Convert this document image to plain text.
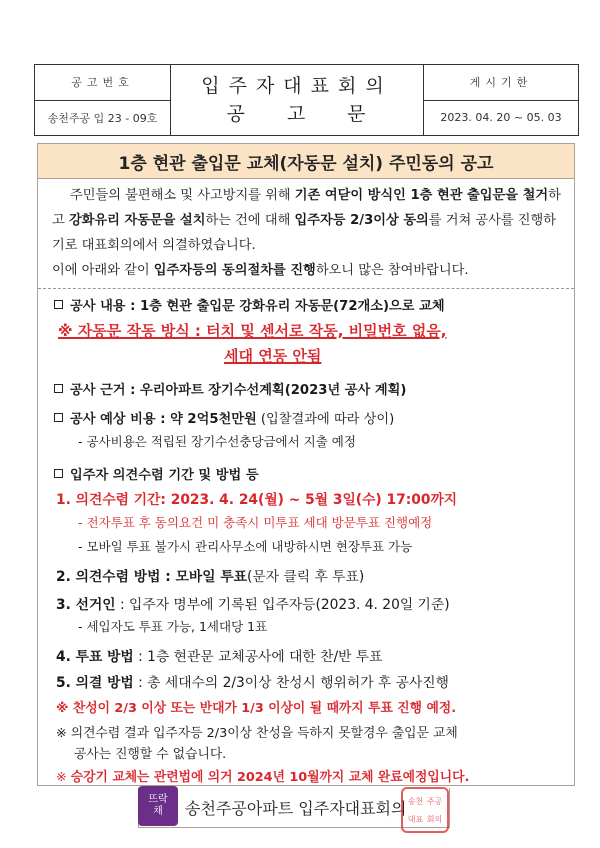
공고번호
송천주공 입 23 - 09호
입주자대표회의
공고문
게시기한
2023. 04. 20 ~ 05. 03
1층 현관 출입문 교체(자동문 설치) 주민동의 공고

주민들의 불편해소 및 사고방지를 위해 기존 여닫이 방식인 1층 현관 출입문을 철거하고 강화유리 자동문을 설치하는 건에 대해 입주자등 2/3이상 동의를 거쳐 공사를 진행하기로 대표회의에서 의결하였습니다.

이에 아래와 같이 입주자등의 동의절차를 진행하오니 많은 참여바랍니다.

공사 내용 : 1층 현관 출입문 강화유리 자동문(72개소)으로 교체
※ 자동문 작동 방식 : 터치 및 센서로 작동, 비밀번호 없음,
세대 연동 안됨
공사 근거 : 우리아파트 장기수선계획(2023년 공사 계획)
공사 예상 비용 : 약 2억5천만원 (입찰결과에 따라 상이)
- 공사비용은 적립된 장기수선충당금에서 지출 예정
입주자 의견수렴 기간 및 방법 등
1. 의견수렴 기간: 2023. 4. 24(월) ~ 5월 3일(수) 17:00까지
- 전자투표 후 동의요건 미 충족시 미투표 세대 방문투표 진행예정
- 모바일 투표 불가시 관리사무소에 내방하시면 현장투표 가능
2. 의견수렴 방법 : 모바일 투표(문자 클릭 후 투표)
3. 선거인 : 입주자 명부에 기록된 입주자등(2023. 4. 20일 기준)
- 세입자도 투표 가능, 1세대당 1표
4. 투표 방법 : 1층 현관문 교체공사에 대한 찬/반 투표
5. 의결 방법 : 총 세대수의 2/3이상 찬성시 행위허가 후 공사진행
※ 찬성이 2/3 이상 또는 반대가 1/3 이상이 될 때까지 투표 진행 예정.
※ 의견수렴 결과 입주자등 2/3이상 찬성을 득하지 못할경우 출입문 교체
공사는 진행할 수 없습니다.
※ 승강기 교체는 관련법에 의거 2024년 10월까지 교체 완료예정입니다.
송천주공아파트 입주자대표회의
뜨락
채
송천 주공
대표 회의
